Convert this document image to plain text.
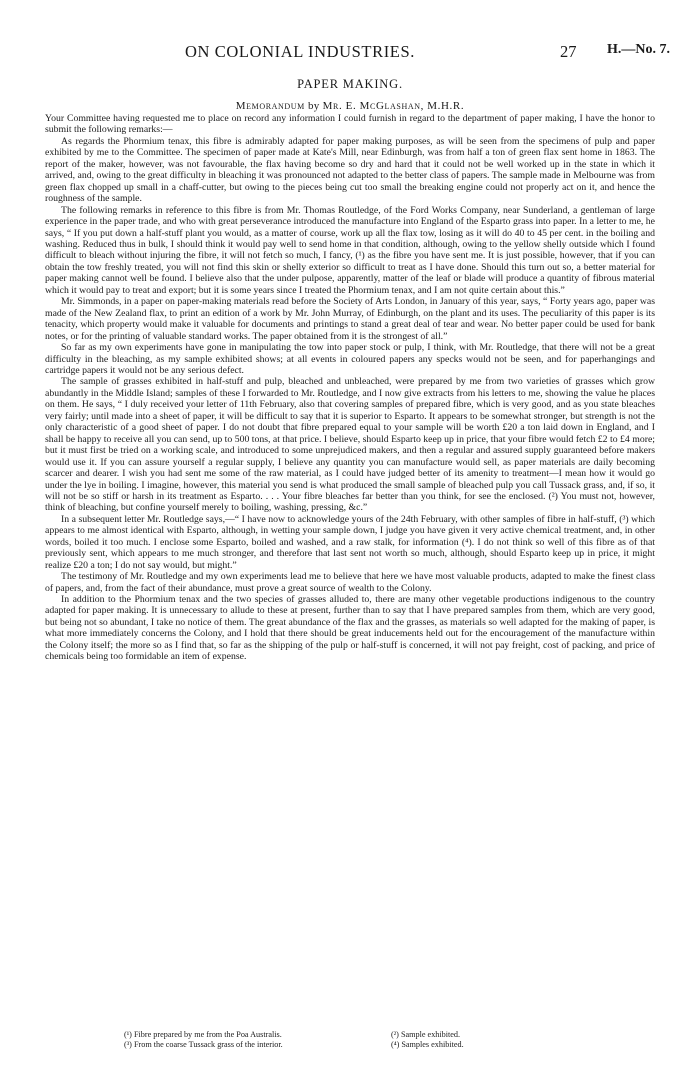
ON COLONIAL INDUSTRIES.	27 H.—No. 7.
PAPER MAKING.
Memorandum by Mr. E. McGlashan, M.H.R.

Your Committee having requested me to place on record any information I could furnish in regard to the department of paper making, I have the honor to submit the following remarks:—

As regards the Phormium tenax, this fibre is admirably adapted for paper making purposes, as will be seen from the specimens of pulp and paper exhibited by me to the Committee. The specimen of paper made at Kate's Mill, near Edinburgh, was from half a ton of green flax sent home in 1863. The report of the maker, however, was not favourable, the flax having become so dry and hard that it could not be well worked up in the state in which it arrived, and, owing to the great difficulty in bleaching it was pronounced not adapted to the better class of papers. The sample made in Melbourne was from green flax chopped up small in a chaff-cutter, but owing to the pieces being cut too small the breaking engine could not properly act on it, and hence the roughness of the sample.

The following remarks in reference to this fibre is from Mr. Thomas Routledge, of the Ford Works Company, near Sunderland, a gentleman of large experience in the paper trade, and who with great perseverance introduced the manufacture into England of the Esparto grass into paper. In a letter to me, he says, “ If you put down a half-stuff plant you would, as a matter of course, work up all the flax tow, losing as it will do 40 to 45 per cent. in the boiling and washing. Reduced thus in bulk, I should think it would pay well to send home in that condition, although, owing to the yellow shelly outside which I found difficult to bleach without injuring the fibre, it will not fetch so much, I fancy, (¹) as the fibre you have sent me. It is just possible, however, that if you can obtain the tow freshly treated, you will not find this skin or shelly exterior so difficult to treat as I have done. Should this turn out so, a better material for paper making cannot well be found. I believe also that the under pulpose, apparently, matter of the leaf or blade will produce a quantity of fibrous material which it would pay to treat and export; but it is some years since I treated the Phormium tenax, and I am not quite certain about this.”

Mr. Simmonds, in a paper on paper-making materials read before the Society of Arts London, in January of this year, says, “ Forty years ago, paper was made of the New Zealand flax, to print an edition of a work by Mr. John Murray, of Edinburgh, on the plant and its uses. The peculiarity of this paper is its tenacity, which property would make it valuable for documents and printings to stand a great deal of tear and wear. No better paper could be used for bank notes, or for the printing of valuable standard works. The paper obtained from it is the strongest of all.”

So far as my own experiments have gone in manipulating the tow into paper stock or pulp, I think, with Mr. Routledge, that there will not be a great difficulty in the bleaching, as my sample exhibited shows; at all events in coloured papers any specks would not be seen, and for paperhangings and cartridge papers it would not be any serious defect.

The sample of grasses exhibited in half-stuff and pulp, bleached and unbleached, were prepared by me from two varieties of grasses which grow abundantly in the Middle Island; samples of these I forwarded to Mr. Routledge, and I now give extracts from his letters to me, showing the value he places on them. He says, “ I duly received your letter of 11th February, also that covering samples of prepared fibre, which is very good, and as you state bleaches very fairly; until made into a sheet of paper, it will be difficult to say that it is superior to Esparto. It appears to be somewhat stronger, but strength is not the only characteristic of a good sheet of paper. I do not doubt that fibre prepared equal to your sample will be worth £20 a ton laid down in England, and I shall be happy to receive all you can send, up to 500 tons, at that price. I believe, should Esparto keep up in price, that your fibre would fetch £2 to £4 more; but it must first be tried on a working scale, and introduced to some unprejudiced makers, and then a regular and assured supply guaranteed before makers would use it. If you can assure yourself a regular supply, I believe any quantity you can manufacture would sell, as paper materials are daily becoming scarcer and dearer. I wish you had sent me some of the raw material, as I could have judged better of its amenity to treatment—I mean how it would go under the lye in boiling. I imagine, however, this material you send is what produced the small sample of bleached pulp you call Tussack grass, and, if so, it will not be so stiff or harsh in its treatment as Esparto. . . . Your fibre bleaches far better than you think, for see the enclosed. (²) You must not, however, think of bleaching, but confine yourself merely to boiling, washing, pressing, &c.”

In a subsequent letter Mr. Routledge says,—“ I have now to acknowledge yours of the 24th February, with other samples of fibre in half-stuff, (³) which appears to me almost identical with Esparto, although, in wetting your sample down, I judge you have given it very active chemical treatment, and, in other words, boiled it too much. I enclose some Esparto, boiled and washed, and a raw stalk, for information (⁴). I do not think so well of this fibre as of that previously sent, which appears to me much stronger, and therefore that last sent not worth so much, although, should Esparto keep up in price, it might realize £20 a ton; I do not say would, but might.”

The testimony of Mr. Routledge and my own experiments lead me to believe that here we have most valuable products, adapted to make the finest class of papers, and, from the fact of their abundance, must prove a great source of wealth to the Colony.

In addition to the Phormium tenax and the two species of grasses alluded to, there are many other vegetable productions indigenous to the country adapted for paper making. It is unnecessary to allude to these at present, further than to say that I have prepared samples from them, which are very good, but being not so abundant, I take no notice of them. The great abundance of the flax and the grasses, as materials so well adapted for the making of paper, is what more immediately concerns the Colony, and I hold that there should be great inducements held out for the encouragement of the manufacture within the Colony itself; the more so as I find that, so far as the shipping of the pulp or half-stuff is concerned, it will not pay freight, cost of packing, and price of chemicals being too formidable an item of expense.

(¹) Fibre prepared by me from the Poa Australis.	(²) Sample exhibited.
(³) From the coarse Tussack grass of the interior.	(⁴) Samples exhibited.
